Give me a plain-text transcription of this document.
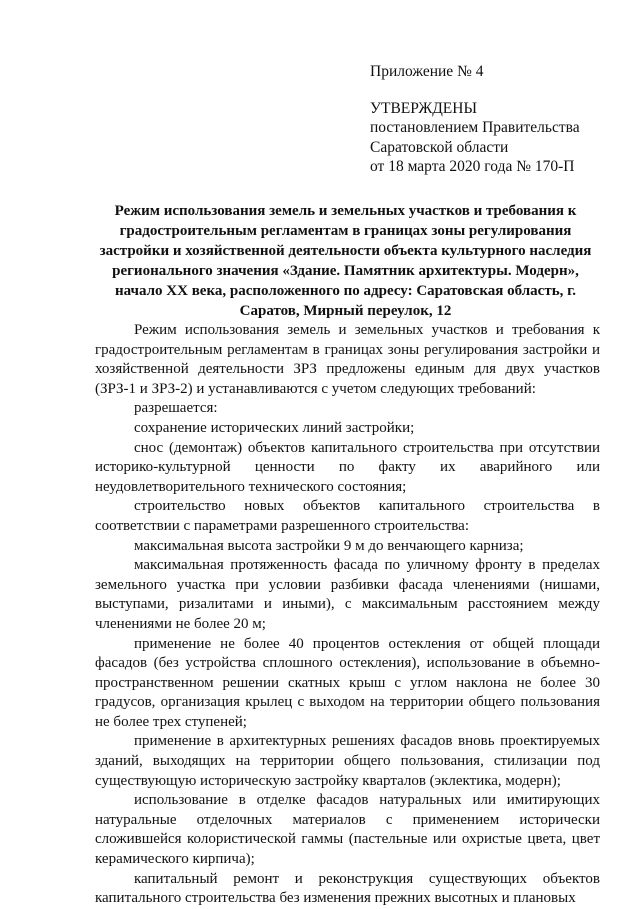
Приложение № 4
УТВЕРЖДЕНЫ
постановлением Правительства
Саратовской области
от 18 марта 2020 года № 170-П
Режим использования земель и земельных участков и требования к градостроительным регламентам в границах зоны регулирования застройки и хозяйственной деятельности объекта культурного наследия регионального значения «Здание. Памятник архитектуры. Модерн», начало XX века, расположенного по адресу: Саратовская область, г. Саратов, Мирный переулок, 12

Режим использования земель и земельных участков и требования к градостроительным регламентам в границах зоны регулирования застройки и хозяйственной деятельности ЗРЗ предложены единым для двух участков (ЗРЗ-1 и ЗРЗ-2) и устанавливаются с учетом следующих требований:

разрешается:

сохранение исторических линий застройки;

снос (демонтаж) объектов капитального строительства при отсутствии историко-культурной ценности по факту их аварийного или неудовлетворительного технического состояния;

строительство новых объектов капитального строительства в соответствии с параметрами разрешенного строительства:

максимальная высота застройки 9 м до венчающего карниза;

максимальная протяженность фасада по уличному фронту в пределах земельного участка при условии разбивки фасада членениями (нишами, выступами, ризалитами и иными), с максимальным расстоянием между членениями не более 20 м;

применение не более 40 процентов остекления от общей площади фасадов (без устройства сплошного остекления), использование в объемно-пространственном решении скатных крыш с углом наклона не более 30 градусов, организация крылец с выходом на территории общего пользования не более трех ступеней;

применение в архитектурных решениях фасадов вновь проектируемых зданий, выходящих на территории общего пользования, стилизации под существующую историческую застройку кварталов (эклектика, модерн);

использование в отделке фасадов натуральных или имитирующих натуральные отделочных материалов с применением исторически сложившейся колористической гаммы (пастельные или охристые цвета, цвет керамического кирпича);

капитальный ремонт и реконструкция существующих объектов капитального строительства без изменения прежних высотных и плановых
